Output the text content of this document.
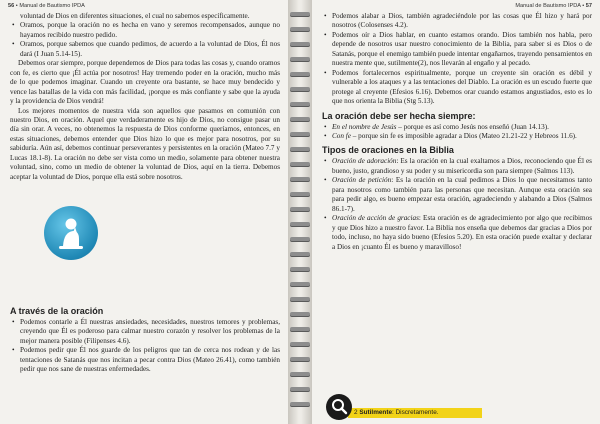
56 • Manual de Bautismo IPDA

voluntad de Dios en diferentes situaciones, el cual no sabemos específicamente.

• Oramos, porque la oración no es hecha en vano y seremos recompensados, aunque no hayamos recibido nuestro pedido.

• Oramos, porque sabemos que cuando pedimos, de acuerdo a la voluntad de Dios, Él nos dará (I Juan 5.14-15).

Debemos orar siempre, porque dependemos de Dios para todas las cosas y, cuando oramos con fe, es cierto que ¡Él actúa por nosotros! Hay tremendo poder en la oración, mucho más de lo que podemos imaginar. Cuando un creyente ora bastante, se hace muy bendecido y vence las batallas de la vida con más facilidad, ¡porque es más confiante y sabe que la ayuda y la providencia de Dios vendrá!

Los mejores momentos de nuestra vida son aquellos que pasamos en comunión con nuestro Dios, en oración. Aquel que verdaderamente es hijo de Dios, no consigue pasar un día sin orar. A veces, no obtenemos la respuesta de Dios conforme queríamos, entonces, en estas situaciones, debemos entender que Dios hizo lo que es mejor para nosotros, por su sabiduría. Aún así, debemos continuar perseverantes y persistentes en la oración (Mateo 7.7 y Lucas 18.1-8). La oración no debe ser vista como un medio, solamente para obtener nuestra voluntad, sino, como un medio de obtener la voluntad de Dios, aquí en la tierra. Debemos aceptar la voluntad de Dios, porque ella está sobre nosotros.

A través de la oración

• Podemos contarle a Él nuestras ansiedades, necesidades, nuestros temores y problemas, creyendo que Él es poderoso para calmar nuestro corazón y resolver los problemas de la mejor manera posible (Filipenses 4.6).

• Podemos pedir que Él nos guarde de los peligros que tan de cerca nos rodean y de las tentaciones de Satanás que nos incitan a pecar contra Dios (Mateo 26.41), como también pedir que nos sane de nuestras enfermedades.

Manual de Bautismo IPDA • 57

• Podemos alabar a Dios, también agradeciéndole por las cosas que Él hizo y hará por nosotros (Colosenses 4.2).

• Podemos oír a Dios hablar, en cuanto estamos orando. Dios también nos habla, pero depende de nosotros usar nuestro conocimiento de la Biblia, para saber si es Dios o de Satanás, porque el enemigo también puede intentar engañarnos, trayendo pensamientos en nuestra mente que, sutilmente(2), nos llevarán al engaño y al pecado.

• Podemos fortalecernos espiritualmente, porque un creyente sin oración es débil y vulnerable a los ataques y a las tentaciones del Diablo. La oración es un escudo fuerte que protege al creyente (Efesios 6.16). Debemos orar cuando estamos angustiados, esto es lo que nos orienta la Biblia (Stg 5.13).

La oración debe ser hecha siempre:

• En el nombre de Jesús – porque es así como Jesús nos enseñó (Juan 14.13).

• Con fe – porque sin fe es imposible agradar a Dios (Mateo 21.21-22 y Hebreos 11.6).

Tipos de oraciones en la Biblia

• Oración de adoración: Es la oración en la cual exaltamos a Dios, reconociendo que Él es bueno, justo, grandioso y su poder y su misericordia son para siempre (Salmos 113).

• Oración de petición: Es la oración en la cual pedimos a Dios lo que necesitamos tanto para nosotros como también para las personas que necesitan. Aunque esta oración sea para pedir algo, es bueno empezar esta oración, agradeciendo y alabando a Dios (Salmos 86.1-7).

• Oración de acción de gracias: Esta oración es de agradecimiento por algo que recibimos y que Dios hizo a nuestro favor. La Biblia nos enseña que debemos dar gracias a Dios por todo, incluso, no haya sido bueno (Efesios 5.20). En esta oración puede exaltar y declarar a Dios en ¡cuanto Él es bueno y maravilloso!

2 Sutilmente: Discretamente.
